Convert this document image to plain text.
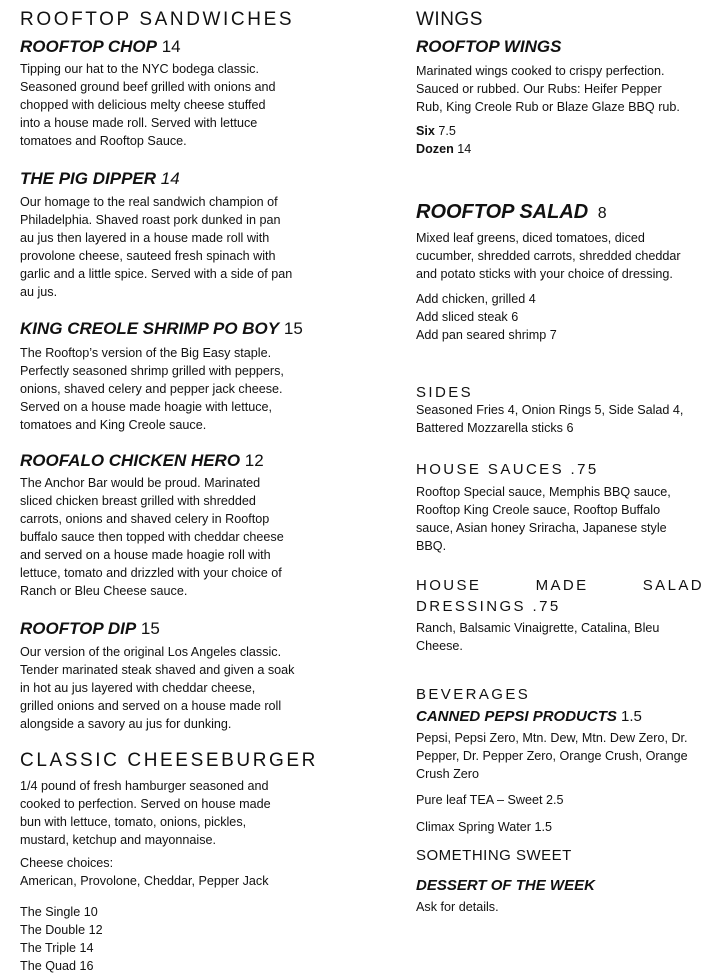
ROOFTOP SANDWICHES
ROOFTOP CHOP 14
Tipping our hat to the NYC bodega classic.
Seasoned ground beef grilled with onions and
chopped with delicious melty cheese stuffed
into a house made roll. Served with lettuce
tomatoes and Rooftop Sauce.
THE PIG DIPPER 14
Our homage to the real sandwich champion of
Philadelphia. Shaved roast pork dunked in pan
au jus then layered in a house made roll with
provolone cheese, sauteed fresh spinach with
garlic and a little spice. Served with a side of pan
au jus.
KING CREOLE SHRIMP PO BOY 15
The Rooftop’s version of the Big Easy staple.
Perfectly seasoned shrimp grilled with peppers,
onions, shaved celery and pepper jack cheese.
Served on a house made hoagie with lettuce,
tomatoes and King Creole sauce.
ROOFALO CHICKEN HERO 12
The Anchor Bar would be proud. Marinated
sliced chicken breast grilled with shredded
carrots, onions and shaved celery in Rooftop
buffalo sauce then topped with cheddar cheese
and served on a house made hoagie roll with
lettuce, tomato and drizzled with your choice of
Ranch or Bleu Cheese sauce.
ROOFTOP DIP 15
Our version of the original Los Angeles classic.
Tender marinated steak shaved and given a soak
in hot au jus layered with cheddar cheese,
grilled onions and served on a house made roll
alongside a savory au jus for dunking.
CLASSIC CHEESEBURGER
1/4 pound of fresh hamburger seasoned and
cooked to perfection. Served on house made
bun with lettuce, tomato, onions, pickles,
mustard, ketchup and mayonnaise.
Cheese choices:
American, Provolone, Cheddar, Pepper Jack
The Single 10
The Double 12
The Triple 14
The Quad 16
WINGS
ROOFTOP WINGS
Marinated wings cooked to crispy perfection.
Sauced or rubbed. Our Rubs: Heifer Pepper
Rub, King Creole Rub or Blaze Glaze BBQ rub.
Six 7.5
Dozen 14
ROOFTOP SALAD 8
Mixed leaf greens, diced tomatoes, diced
cucumber, shredded carrots, shredded cheddar
and potato sticks with your choice of dressing.
Add chicken, grilled 4
Add sliced steak 6
Add pan seared shrimp 7
SIDES
Seasoned Fries 4, Onion Rings 5, Side Salad 4,
Battered Mozzarella sticks 6
HOUSE SAUCES .75
Rooftop Special sauce, Memphis BBQ sauce,
Rooftop King Creole sauce, Rooftop Buffalo
sauce, Asian honey Sriracha, Japanese style
BBQ.
HOUSE	MADE	SALAD
DRESSINGS .75
Ranch, Balsamic Vinaigrette, Catalina, Bleu
Cheese.
BEVERAGES
CANNED PEPSI PRODUCTS 1.5
Pepsi, Pepsi Zero, Mtn. Dew, Mtn. Dew Zero, Dr.
Pepper, Dr. Pepper Zero, Orange Crush, Orange
Crush Zero
Pure leaf TEA – Sweet 2.5
Climax Spring Water 1.5
SOMETHING SWEET
DESSERT OF THE WEEK
Ask for details.
